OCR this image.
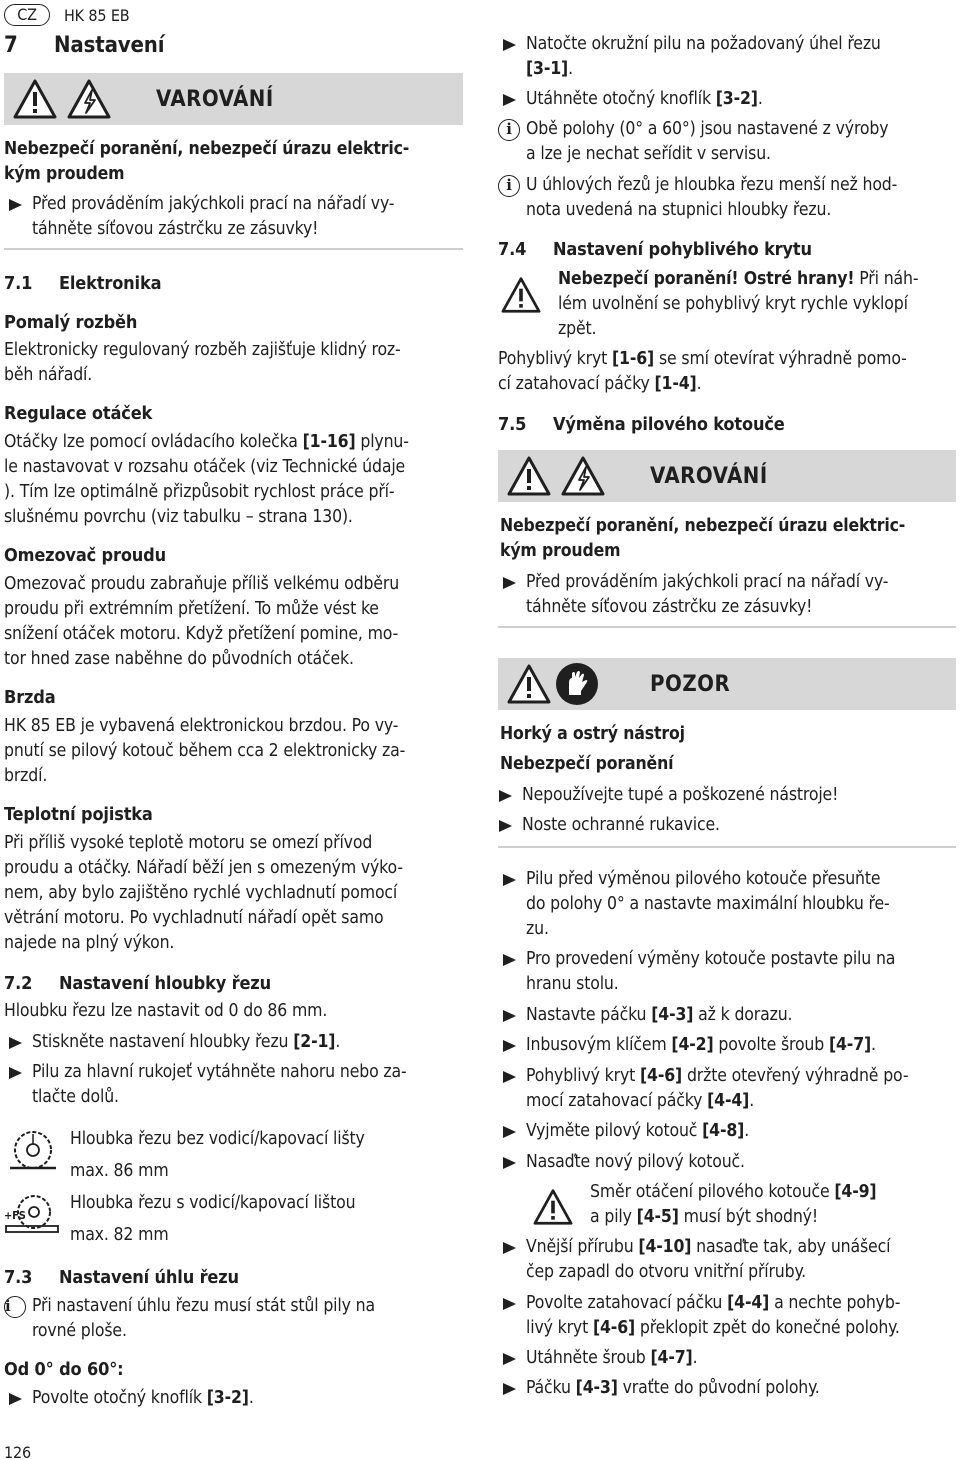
CZ	HK 85 EB
7 Nastavení
VAROVÁNÍ
Nebezpečí poranění, nebezpečí úrazu elektric-
kým proudem
Před prováděním jakýchkoli prací na nářadí vy-
táhněte síťovou zástrčku ze zásuvky!
7.1	Elektronika
Pomalý rozběh
Elektronicky regulovaný rozběh zajišťuje klidný roz-
běh nářadí.
Regulace otáček
Otáčky lze pomocí ovládacího kolečka [1-16] plynu-
le nastavovat v rozsahu otáček (viz Technické údaje
). Tím lze optimálně přizpůsobit rychlost práce pří-
slušnému povrchu (viz tabulku – strana 130).
Omezovač proudu
Omezovač proudu zabraňuje příliš velkému odběru
proudu při extrémním přetížení. To může vést ke
snížení otáček motoru. Když přetížení pomine, mo-
tor hned zase naběhne do původních otáček.
Brzda
HK 85 EB je vybavená elektronickou brzdou. Po vy-
pnutí se pilový kotouč během cca 2 elektronicky za-
brzdí.
Teplotní pojistka
Při příliš vysoké teplotě motoru se omezí přívod
proudu a otáčky. Nářadí běží jen s omezeným výko-
nem, aby bylo zajištěno rychlé vychladnutí pomocí
větrání motoru. Po vychladnutí nářadí opět samo
najede na plný výkon.
7.2	Nastavení hloubky řezu
Hloubku řezu lze nastavit od 0 do 86 mm.
Stiskněte nastavení hloubky řezu [2-1].
Pilu za hlavní rukojeť vytáhněte nahoru nebo za-
tlačte dolů.
Hloubka řezu bez vodicí/kapovací lišty
max. 86 mm
+FS
Hloubka řezu s vodicí/kapovací lištou
max. 82 mm
7.3	Nastavení úhlu řezu
i	Při nastavení úhlu řezu musí stát stůl pily na
rovné ploše.
Od 0° do 60°:
Povolte otočný knoflík [3-2].
126
Natočte okružní pilu na požadovaný úhel řezu
[3-1].
Utáhněte otočný knoflík [3-2].
i Obě polohy (0° a 60°) jsou nastavené z výroby
a lze je nechat seřídit v servisu.
i U úhlových řezů je hloubka řezu menší než hod-
nota uvedená na stupnici hloubky řezu.
7.4	Nastavení pohyblivého krytu
Nebezpečí poranění! Ostré hrany! Při náh-
lém uvolnění se pohyblivý kryt rychle vyklopí
zpět.
Pohyblivý kryt [1-6] se smí otevírat výhradně pomo-
cí zatahovací páčky [1-4].
7.5	Výměna pilového kotouče
VAROVÁNÍ
Nebezpečí poranění, nebezpečí úrazu elektric-
kým proudem
Před prováděním jakýchkoli prací na nářadí vy-
táhněte síťovou zástrčku ze zásuvky!
POZOR
Horký a ostrý nástroj
Nebezpečí poranění
Nepoužívejte tupé a poškozené nástroje!
Noste ochranné rukavice.
Pilu před výměnou pilového kotouče přesuňte
do polohy 0° a nastavte maximální hloubku ře-
zu.
Pro provedení výměny kotouče postavte pilu na
hranu stolu.
Nastavte páčku [4-3] až k dorazu.
Inbusovým klíčem [4-2] povolte šroub [4-7].
Pohyblivý kryt [4-6] držte otevřený výhradně po-
mocí zatahovací páčky [4-4].
Vyjměte pilový kotouč [4-8].
Nasaďte nový pilový kotouč.
Směr otáčení pilového kotouče [4-9]
a pily [4-5] musí být shodný!
Vnější přírubu [4-10] nasaďte tak, aby unášecí
čep zapadl do otvoru vnitřní příruby.
Povolte zatahovací páčku [4-4] a nechte pohyb-
livý kryt [4-6] překlopit zpět do konečné polohy.
Utáhněte šroub [4-7].
Páčku [4-3] vraťte do původní polohy.
